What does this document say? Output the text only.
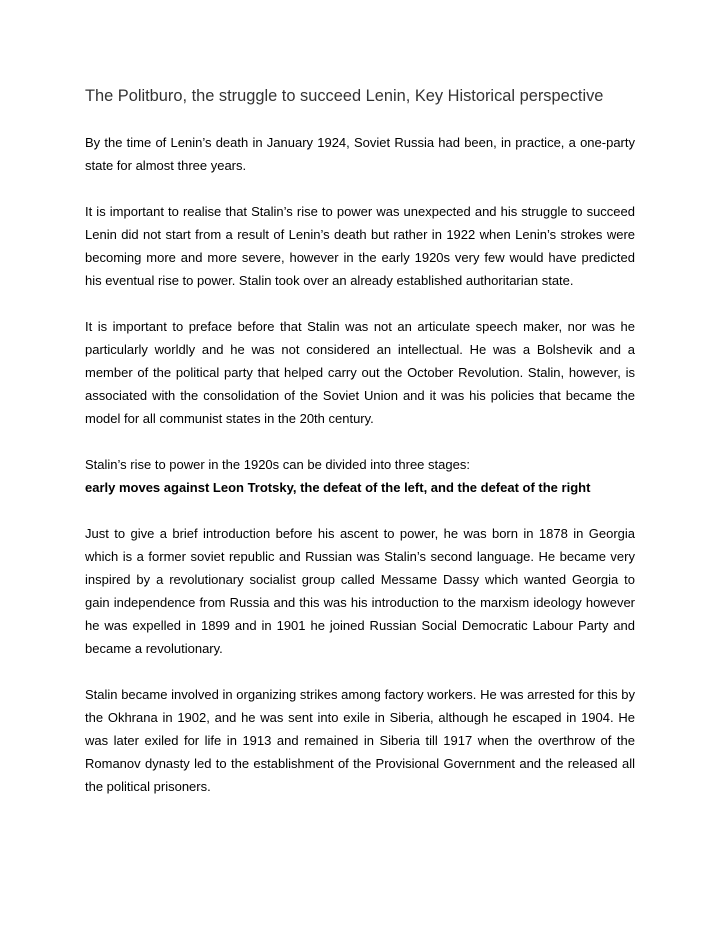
The Politburo, the struggle to succeed Lenin, Key Historical perspective

By the time of Lenin’s death in January 1924, Soviet Russia had been, in practice, a one-party state for almost three years.

It is important to realise that Stalin’s rise to power was unexpected and his struggle to succeed Lenin did not start from a result of Lenin’s death but rather in 1922 when Lenin’s strokes were becoming more and more severe, however in the early 1920s very few would have predicted his eventual rise to power. Stalin took over an already established authoritarian state.

It is important to preface before that Stalin was not an articulate speech maker, nor was he particularly worldly and he was not considered an intellectual. He was a Bolshevik and a member of the political party that helped carry out the October Revolution. Stalin, however, is associated with the consolidation of the Soviet Union and it was his policies that became the model for all communist states in the 20th century.

Stalin’s rise to power in the 1920s can be divided into three stages:

early moves against Leon Trotsky, the defeat of the left, and the defeat of the right

Just to give a brief introduction before his ascent to power, he was born in 1878 in Georgia which is a former soviet republic and Russian was Stalin’s second language. He became very inspired by a revolutionary socialist group called Messame Dassy which wanted Georgia to gain independence from Russia and this was his introduction to the marxism ideology however he was expelled in 1899 and in 1901 he joined Russian Social Democratic Labour Party and became a revolutionary.

Stalin became involved in organizing strikes among factory workers. He was arrested for this by the Okhrana in 1902, and he was sent into exile in Siberia, although he escaped in 1904. He was later exiled for life in 1913 and remained in Siberia till 1917 when the overthrow of the Romanov dynasty led to the establishment of the Provisional Government and the released all the political prisoners.
